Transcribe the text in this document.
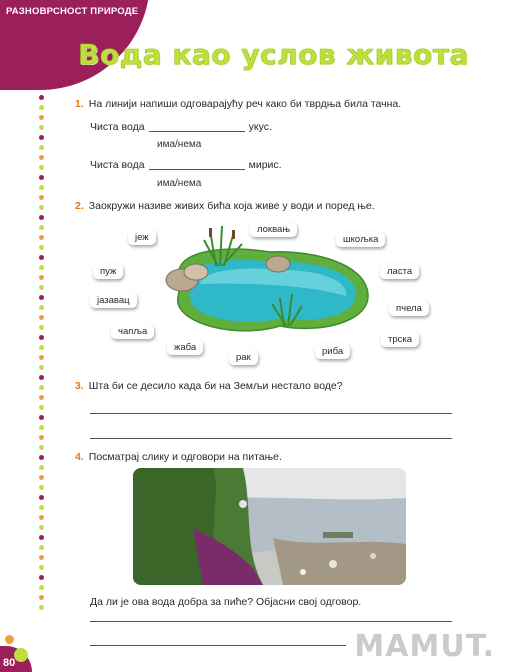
РАЗНОВРСНОСТ ПРИРОДЕ
Вода као услов живота
1. На линији напиши одговарајућу реч како би тврдња била тачна.
Чиста вода	укус.
има/нема
Чиста вода	мирис.
има/нема
2. Заокружи називе живих бића која живе у води и поред ње.
јеж
локвањ
шкољка
пуж	ласта
јазавац
пчела
чапља
трска
жаба	риба
рак
3. Шта би се десило када би на Земљи нестало воде?
4. Посматрај слику и одговори на питање.
Да ли је ова вода добра за пиће? Објасни свој одговор.
80	MAMUT.
